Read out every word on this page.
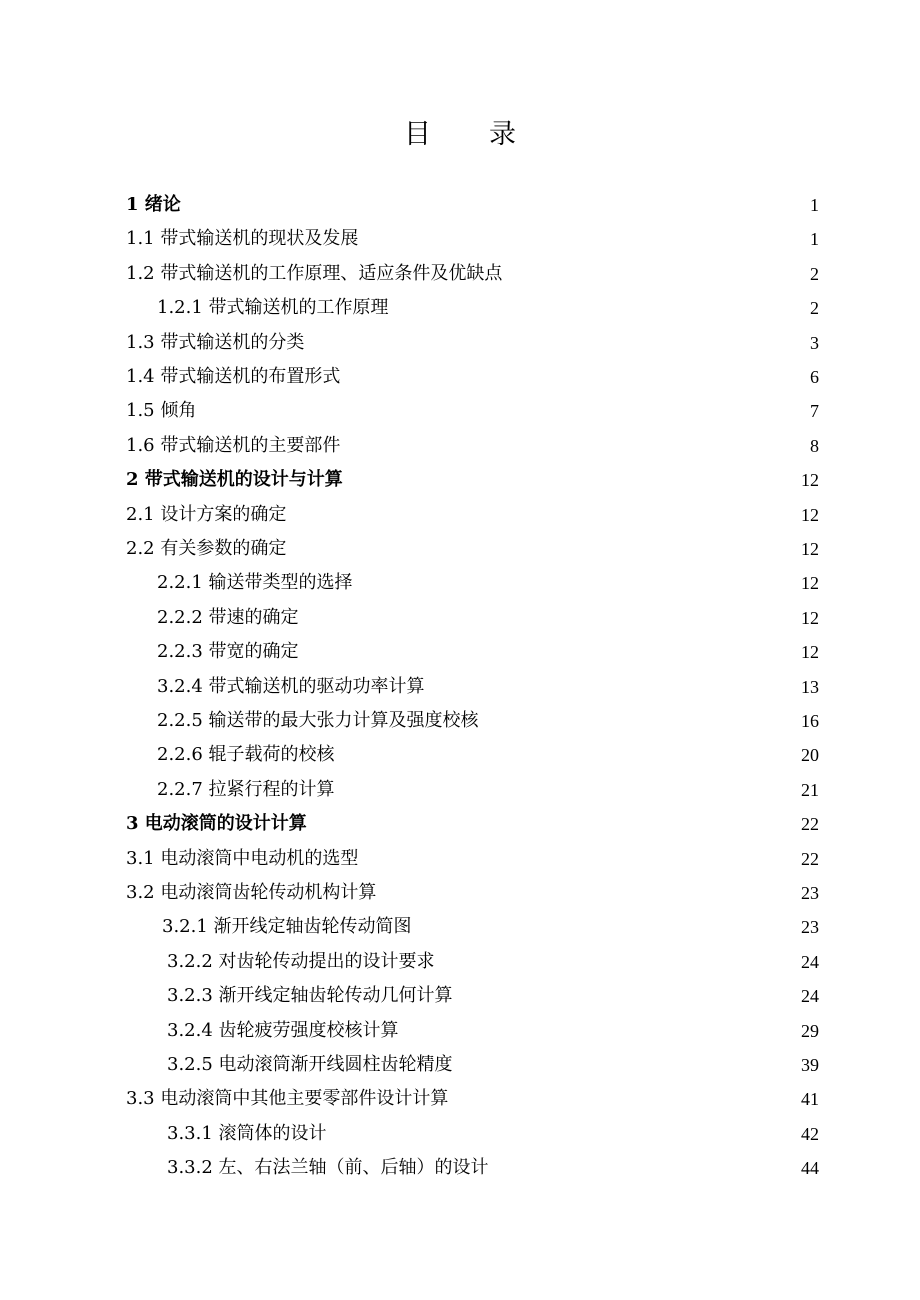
目 录
1 绪论	1
1.1 带式输送机的现状及发展	1
1.2 带式输送机的工作原理、适应条件及优缺点	2
1.2.1 带式输送机的工作原理	2
1.3 带式输送机的分类	3
1.4 带式输送机的布置形式	6
1.5 倾角	7
1.6 带式输送机的主要部件	8
2 带式输送机的设计与计算	12
2.1 设计方案的确定	12
2.2 有关参数的确定	12
2.2.1 输送带类型的选择	12
2.2.2 带速的确定	12
2.2.3 带宽的确定	12
3.2.4 带式输送机的驱动功率计算	13
2.2.5 输送带的最大张力计算及强度校核	16
2.2.6 辊子载荷的校核	20
2.2.7 拉紧行程的计算	21
3 电动滚筒的设计计算	22
3.1 电动滚筒中电动机的选型	22
3.2 电动滚筒齿轮传动机构计算	23
3.2.1 渐开线定轴齿轮传动简图	23
3.2.2 对齿轮传动提出的设计要求	24
3.2.3 渐开线定轴齿轮传动几何计算	24
3.2.4 齿轮疲劳强度校核计算	29
3.2.5 电动滚筒渐开线圆柱齿轮精度	39
3.3 电动滚筒中其他主要零部件设计计算	41
3.3.1 滚筒体的设计	42
3.3.2 左、右法兰轴（前、后轴）的设计	44
